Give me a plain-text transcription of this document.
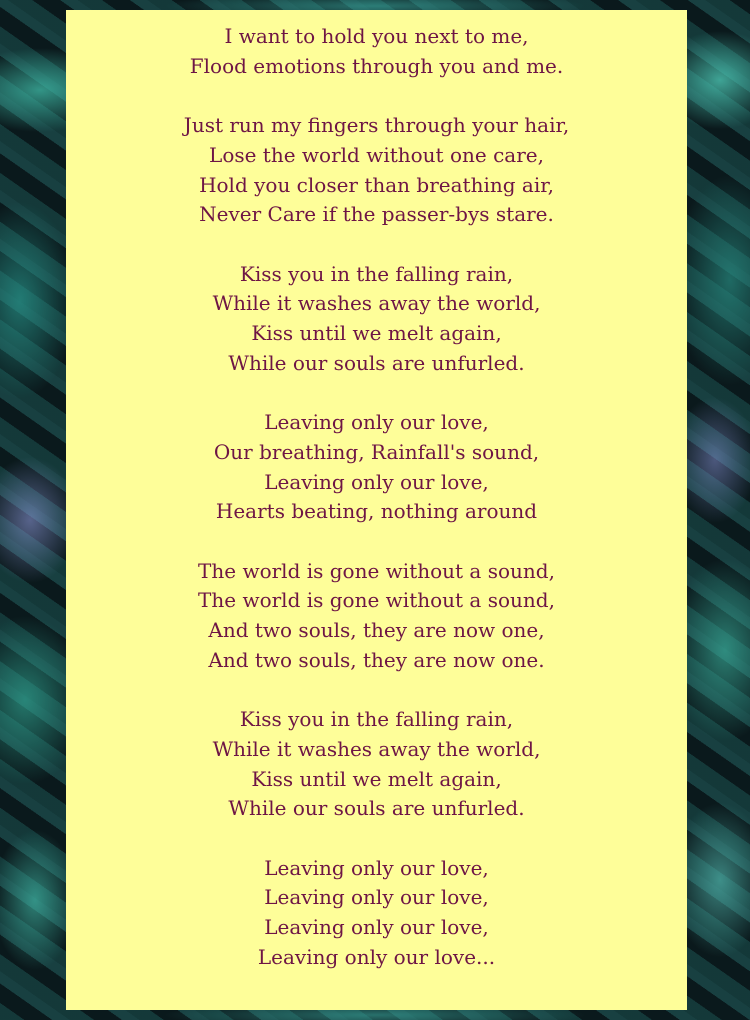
I want to hold you next to me,
Flood emotions through you and me.
Just run my fingers through your hair,
Lose the world without one care,
Hold you closer than breathing air,
Never Care if the passer-bys stare.
Kiss you in the falling rain,
While it washes away the world,
Kiss until we melt again,
While our souls are unfurled.
Leaving only our love,
Our breathing, Rainfall's sound,
Leaving only our love,
Hearts beating, nothing around
The world is gone without a sound,
The world is gone without a sound,
And two souls, they are now one,
And two souls, they are now one.
Kiss you in the falling rain,
While it washes away the world,
Kiss until we melt again,
While our souls are unfurled.
Leaving only our love,
Leaving only our love,
Leaving only our love,
Leaving only our love...
